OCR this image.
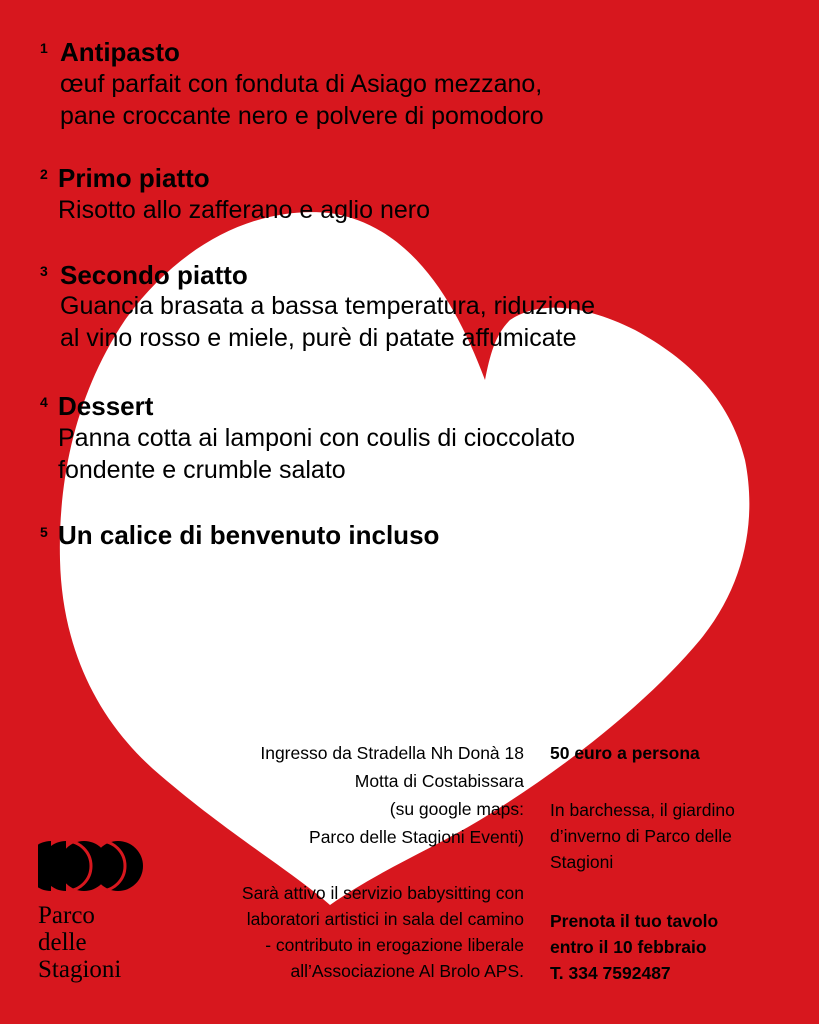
1 Antipasto
œuf parfait con fonduta di Asiago mezzano,
pane croccante nero e polvere di pomodoro
2 Primo piatto
Risotto allo zafferano e aglio nero
3 Secondo piatto
Guancia brasata a bassa temperatura, riduzione
al vino rosso e miele, purè di patate affumicate
4 Dessert
Panna cotta ai lamponi con coulis di cioccolato
fondente e crumble salato
5 Un calice di benvenuto incluso
Ingresso da Stradella Nh Donà 18
Motta di Costabissara
(su google maps:
Parco delle Stagioni Eventi)
Sarà attivo il servizio babysitting con
laboratori artistici in sala del camino
- contributo in erogazione liberale
all’Associazione Al Brolo APS.
50 euro a persona
In barchessa, il giardino
d’inverno di Parco delle
Stagioni
Prenota il tuo tavolo
entro il 10 febbraio
T. 334 7592487
Parco
delle
Stagioni
